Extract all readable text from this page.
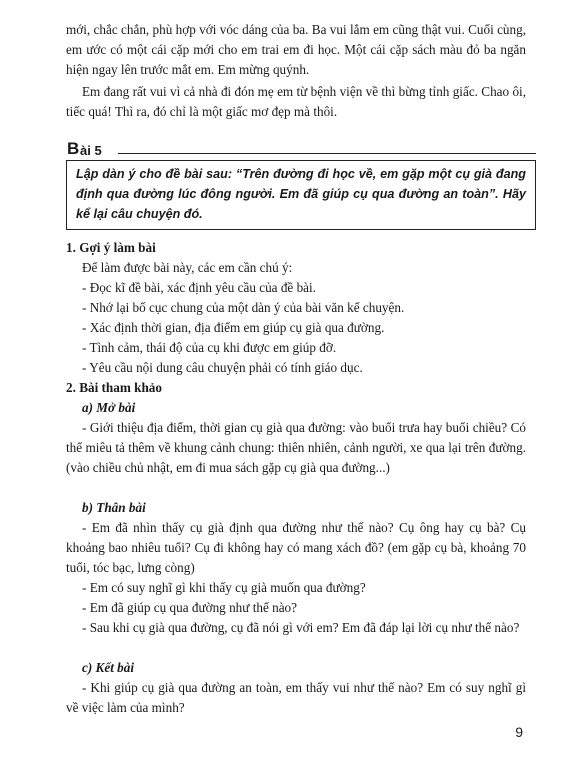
mới, chắc chắn, phù hợp với vóc dáng của ba. Ba vui lắm em cũng thật vui. Cuối cùng, em ước có một cái cặp mới cho em trai em đi học. Một cái cặp sách màu đỏ ba ngăn hiện ngay lên trước mắt em. Em mừng quýnh.

Em đang rất vui vì cả nhà đi đón mẹ em từ bệnh viện về thì bừng tỉnh giấc. Chao ôi, tiếc quá! Thì ra, đó chỉ là một giấc mơ đẹp mà thôi.

B ài 5
Lập dàn ý cho đề bài sau: “Trên đường đi học về, em gặp một cụ già đang định qua đường lúc đông người. Em đã giúp cụ qua đường an toàn”. Hãy kể lại câu chuyện đó.

1. Gợi ý làm bài

Để làm được bài này, các em cần chú ý:

- Đọc kĩ đề bài, xác định yêu cầu của đề bài.

- Nhớ lại bố cục chung của một dàn ý của bài văn kể chuyện.

- Xác định thời gian, địa điểm em giúp cụ già qua đường.

- Tình cảm, thái độ của cụ khi được em giúp đỡ.

- Yêu cầu nội dung câu chuyện phải có tính giáo dục.

2. Bài tham khảo

a) Mở bài

- Giới thiệu địa điểm, thời gian cụ già qua đường: vào buổi trưa hay buổi chiều? Có thể miêu tả thêm về khung cảnh chung: thiên nhiên, cảnh người, xe qua lại trên đường. (vào chiều chủ nhật, em đi mua sách gặp cụ già qua đường...)

b) Thân bài

- Em đã nhìn thấy cụ già định qua đường như thế nào? Cụ ông hay cụ bà? Cụ khoảng bao nhiêu tuổi? Cụ đi không hay có mang xách đồ? (em gặp cụ bà, khoảng 70 tuổi, tóc bạc, lưng còng)

- Em có suy nghĩ gì khi thấy cụ già muốn qua đường?

- Em đã giúp cụ qua đường như thế nào?

- Sau khi cụ già qua đường, cụ đã nói gì với em? Em đã đáp lại lời cụ như thế nào?

c) Kết bài

- Khi giúp cụ già qua đường an toàn, em thấy vui như thế nào? Em có suy nghĩ gì về việc làm của mình?

9
